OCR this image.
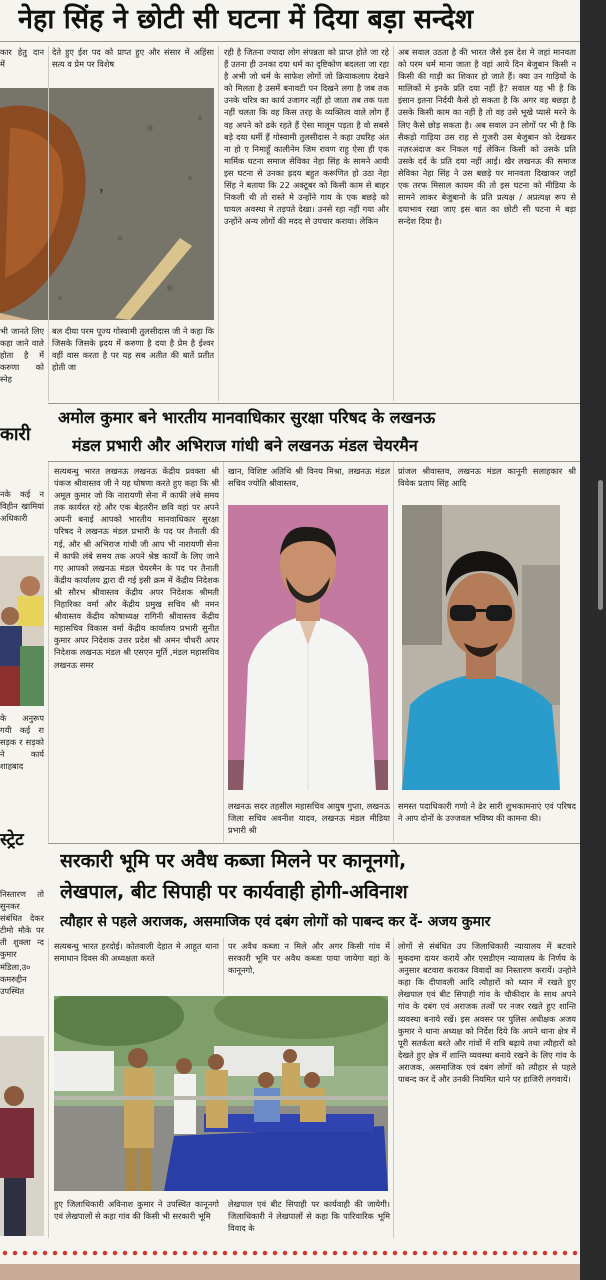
नेहा सिंह ने छोटी सी घटना में दिया बड़ा सन्देश
कार हेतु दान में
देते हुए ईश पद को प्राप्त हुए और संसार में अहिंसा सत्य व प्रेम पर विशेष
भी जानते लिए कहा जाने वाले होता है में करुणा को स्नेह
बल दीया परम पूज्य गोस्वामी तुलसीदास जी ने कहा कि जिसके जिसके ह्रदय में करुणा है दया है प्रेम है ईश्वर वहीं वास करता है पर यह सब अतीत की बातें प्रतीत होती जा
रही है जितना ज्यादा लोग संपन्नता को प्राप्त होते जा रहे हैं उतना ही उनका दया धर्म का दृष्टिकोण बदलता जा रहा है अभी जो धर्म के साफेश लोगों जो क्रियाकलाप देखने को मिलता है उसमें बनावटी पन दिखने लगा है जब तक उनके चरित्र का कार्य उजागर नहीं हो जाता तब तक पता नहीं चलता कि वह किस तरह के व्यक्तित्व वाले लोग हैं वह अपने को ढके रहते हैं ऐसा मालूम पड़ता है वो सबसे बड़े दया धर्मी हैं गोस्वामी तुलसीदास ने कहा उघरिह अंत ना हो ए निमाहूँ कालीनेम जिम रावण राहु ऐसा ही एक मार्मिक घटना समाज सेविका नेहा सिंह के सामने आयी इस घटना से उनका ह्रदय बहुत करूणित हो उठा नेहा सिंह ने बताया कि 22 अक्टूबर को किसी काम से बाहर निकली थी तो रास्ते मे उन्होंने गाय के एक बछड़े को घायल अवस्था मे तड़पते देखा। उनसे रहा नहीं गया और उन्होंने अन्य लोगों की मदद से उपचार कराया। लेकिन
अब सवाल उठता है की भारत जैसे इस देश मे जहां मानवता को परम धर्म माना जाता है वहां आये दिन बेजुबान किसी न किसी की गाड़ी का शिकार हो जाते हैं। क्या उन गाड़ियों के मालिकों मे इनके प्रति दया नहीं है? सवाल यह भी है कि इंसान इतना निर्दयी कैसे हो सकता है कि अगर वह बछड़ा है उसके किसी काम का नहीं है तो वह उसे भूखे प्यासे मरने के लिए कैसे छोड़ सकता है। अब सवाल उन लोगों पर भी है कि सैकड़ो गाड़िया उस राह से गुजरी उस बेजुबान को देखकर नज़रअंदाज कर निकल गई लेकिन किसी को उसके प्रति उसके दर्द के प्रति दया नहीं आई। खैर लखनऊ की समाज सेविका नेहा सिंह ने उस बछड़े पर मानवता दिखाकर जहाँ एक तरफ मिसाल कायम की तो इस घटना को मीडिया के सामने लाकर बेजुबानो के प्रति प्रत्यक्ष / अप्रत्यक्ष रूप से दयाभाव रखा जाए इस बात का छोटी सी घटना मे बड़ा सन्देश दिया है।
कारी
अमोल कुमार बने भारतीय मानवाधिकार सुरक्षा परिषद के लखनऊ
मंडल प्रभारी और अभिराज गांधी बने लखनऊ मंडल चेयरमैन
नके कई न विहीन खामियां अधिकारी
के अनुरूप गयी कई रा सड़क र सड़को ने कार्य शाहबाद
स्ट्रेट
सत्यबन्धु भारत लखनऊ लखनऊ केंद्रीय प्रवक्ता श्री पंकज श्रीवास्तव जी ने यह घोषणा करते हुए कहा कि श्री अमूल कुमार जो कि नारायणी सेना में काफी लंबे समय तक कार्यरत रहे और एक बेहतरीन छवि वहां पर अपने अपनी बनाई आपको भारतीय मानवाधिकार सुरक्षा परिषद ने लखनऊ मंडल प्रभारी के पद पर तैनाती की गई, और श्री अभिराज गांधी जी आप भी नारायणी सेना में काफी लंबे समय तक अपने श्रेष्ठ कार्यों के लिए जाने गए आपको लखनऊ मंडल चेयरमैन के पद पर तैनाती केंद्रीय कार्यालय द्वारा दी गई इसी क्रम में केंद्रीय निदेशक श्री सौरभ श्रीवास्तव केंद्रीय अपर निदेशक श्रीमती निहारिका वर्मा और केंद्रीय प्रमुख सचिव श्री नमन श्रीवास्तव केंद्रीय कोषाध्यक्ष रागिनी श्रीवास्तव केंद्रीय महासचिव विकास वर्मा केंद्रीय कार्यालय प्रभारी सुनीत कुमार अपर निदेशक उत्तर प्रदेश श्री अमन चौधरी अपर निदेशक लखनऊ मंडल श्री एसएन मूर्ति ,मंडल महासचिव लखनऊ समर
खान, विशिष्ट अतिथि श्री विनय मिश्रा, लखनऊ मंडल सचिव ज्योति श्रीवास्तव,
प्रांजल श्रीवास्तव, लखनऊ मंडल कानूनी सलाहकार श्री विवेक प्रताप सिंह आदि
लखनऊ सदर तहसील महासचिव आयुष गुप्ता, लखनऊ जिला सचिव अवनीश यादव, लखनऊ मंडल मीडिया प्रभारी श्री
समस्त पदाधिकारी गणो ने ढेर सारी शुभकामनाएं एवं परिषद ने आप दोनों के उज्जवल भविष्य की कामना की।
सरकारी भूमि पर अवैध कब्जा मिलने पर कानूनगो,
लेखपाल, बीट सिपाही पर कार्यवाही होगी-अविनाश
त्यौहार से पहले अराजक, असमाजिक एवं दबंग लोगों को पाबन्द कर दें- अजय कुमार
निस्तारण तो सुनकर संबंधित देकर टीमो मौके पर ती शुक्ला न्द कुमार मंडिला,उ० कमरुद्दीन उपस्थित
सत्यबन्धु भारत हरदोई। कोतवाली देहात मे आहूत थाना समाधान दिवस की अध्यक्षता करते
पर अवैध कब्जा न मिले और अगर किसी गांव में सरकारी भूमि पर अवैध कब्जा पाया जायेगा वहां के कानूनगो,
लोगों से संबंधित उप जिलाधिकारी न्यायालय में बटवारे मुकदमा दायर करायें और एसडीएम न्यायालय के निर्णय के अनुसार बटवारा कराकर विवादों का निस्तारण करायें। उन्होने कहा कि दीपावली आदि त्यौहारों को ध्यान में रखते हुए लेखपाल एवं बीट सिपाही गांव के चौकीदार के साथ अपने गांव के दबंग एवं अराजक तत्वों पर नजर रखते हुए शान्ति व्यवस्था बनाये रखें। इस अवसर पर पुलिस अधीक्षक अजय कुमार ने थाना अध्यक्ष को निर्देश दिये कि अपने थाना क्षेत्र में पूरी सतर्कता बरते और गांवों में रात्रि बढ़ाये तथा त्यौहारों को देखते हुए क्षेत्र में शान्ति व्यवस्था बनाये रखने के लिए गांव के अराजक, असमाजिक एवं दबंग लोगों को त्यौहार से पहले पाबन्द कर दें और उनकी नियमित थाने पर हाजिरी लगवायें।
हुए जिलाधिकारी अविनाश कुमार ने उपस्थित कानूनगो एवं लेखपालों से कहा गांव की किसी भी सरकारी भूमि
लेखपाल एवं बीट सिपाही पर कार्यवाही की जायेगी। जिलाधिकारी ने लेखपालों से कहा कि पारिवारिक भूमि विवाद के
